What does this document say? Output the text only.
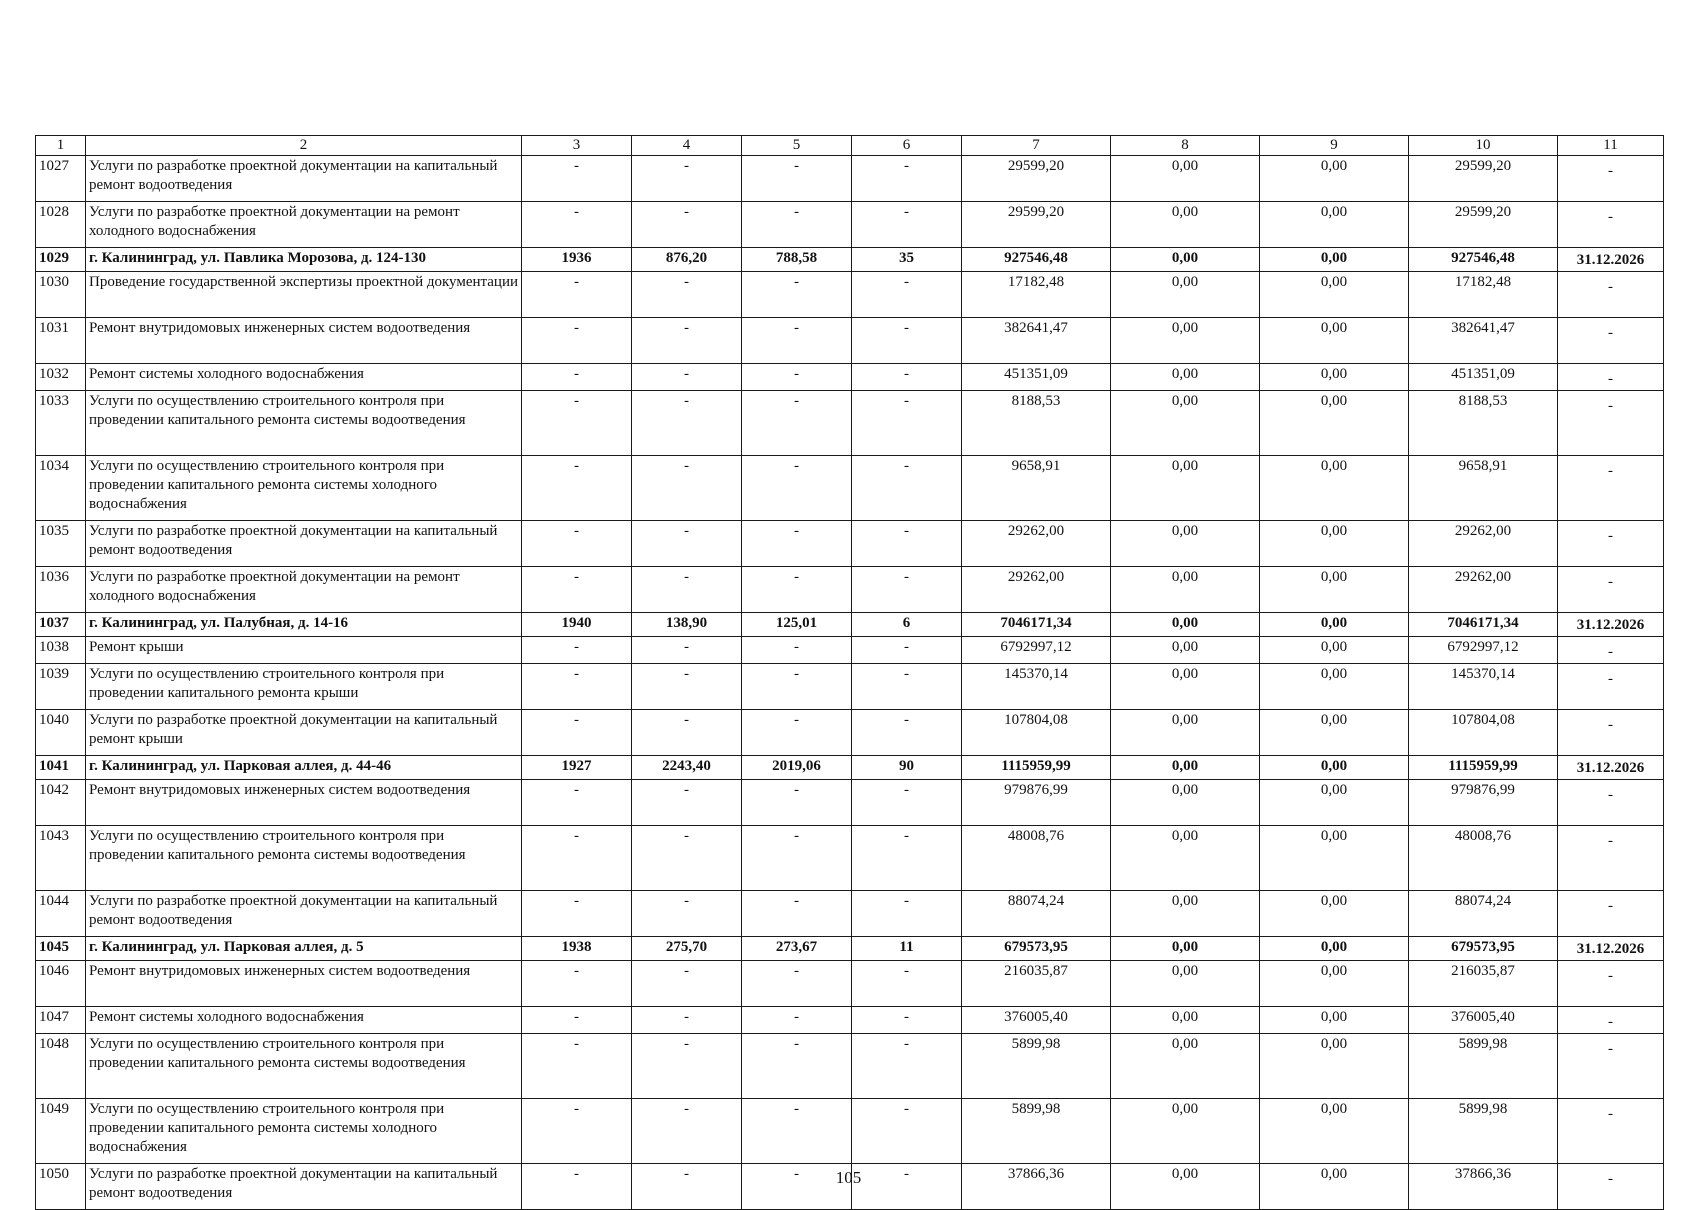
1	2	3	4	5	6	7	8	9	10	11
1027	Услуги по разработке проектной документации на капитальный ремонт водоотведения	-	-	-	-	29599,20	0,00	0,00	29599,20	-
1028	Услуги по разработке проектной документации на ремонт холодного водоснабжения	-	-	-	-	29599,20	0,00	0,00	29599,20	-
1029	г. Калининград, ул. Павлика Морозова, д. 124-130	1936	876,20	788,58	35	927546,48	0,00	0,00	927546,48	31.12.2026
1030	Проведение государственной экспертизы проектной документации	-	-	-	-	17182,48	0,00	0,00	17182,48	-
1031	Ремонт внутридомовых инженерных систем водоотведения	-	-	-	-	382641,47	0,00	0,00	382641,47	-
1032	Ремонт системы холодного водоснабжения	-	-	-	-	451351,09	0,00	0,00	451351,09	-
1033	Услуги по осуществлению строительного контроля при проведении капитального ремонта системы водоотведения	-	-	-	-	8188,53	0,00	0,00	8188,53	-
1034	Услуги по осуществлению строительного контроля при проведении капитального ремонта системы холодного водоснабжения	-	-	-	-	9658,91	0,00	0,00	9658,91	-
1035	Услуги по разработке проектной документации на капитальный ремонт водоотведения	-	-	-	-	29262,00	0,00	0,00	29262,00	-
1036	Услуги по разработке проектной документации на ремонт холодного водоснабжения	-	-	-	-	29262,00	0,00	0,00	29262,00	-
1037	г. Калининград, ул. Палубная, д. 14-16	1940	138,90	125,01	6	7046171,34	0,00	0,00	7046171,34	31.12.2026
1038	Ремонт крыши	-	-	-	-	6792997,12	0,00	0,00	6792997,12	-
1039	Услуги по осуществлению строительного контроля при проведении капитального ремонта крыши	-	-	-	-	145370,14	0,00	0,00	145370,14	-
1040	Услуги по разработке проектной документации на капитальный ремонт крыши	-	-	-	-	107804,08	0,00	0,00	107804,08	-
1041	г. Калининград, ул. Парковая аллея, д. 44-46	1927	2243,40	2019,06	90	1115959,99	0,00	0,00	1115959,99	31.12.2026
1042	Ремонт внутридомовых инженерных систем водоотведения	-	-	-	-	979876,99	0,00	0,00	979876,99	-
1043	Услуги по осуществлению строительного контроля при проведении капитального ремонта системы водоотведения	-	-	-	-	48008,76	0,00	0,00	48008,76	-
1044	Услуги по разработке проектной документации на капитальный ремонт водоотведения	-	-	-	-	88074,24	0,00	0,00	88074,24	-
1045	г. Калининград, ул. Парковая аллея, д. 5	1938	275,70	273,67	11	679573,95	0,00	0,00	679573,95	31.12.2026
1046	Ремонт внутридомовых инженерных систем водоотведения	-	-	-	-	216035,87	0,00	0,00	216035,87	-
1047	Ремонт системы холодного водоснабжения	-	-	-	-	376005,40	0,00	0,00	376005,40	-
1048	Услуги по осуществлению строительного контроля при проведении капитального ремонта системы водоотведения	-	-	-	-	5899,98	0,00	0,00	5899,98	-
1049	Услуги по осуществлению строительного контроля при проведении капитального ремонта системы холодного водоснабжения	-	-	-	-	5899,98	0,00	0,00	5899,98	-
1050	Услуги по разработке проектной документации на капитальный ремонт водоотведения	-	-	-	-	37866,36	0,00	0,00	37866,36	-
105
